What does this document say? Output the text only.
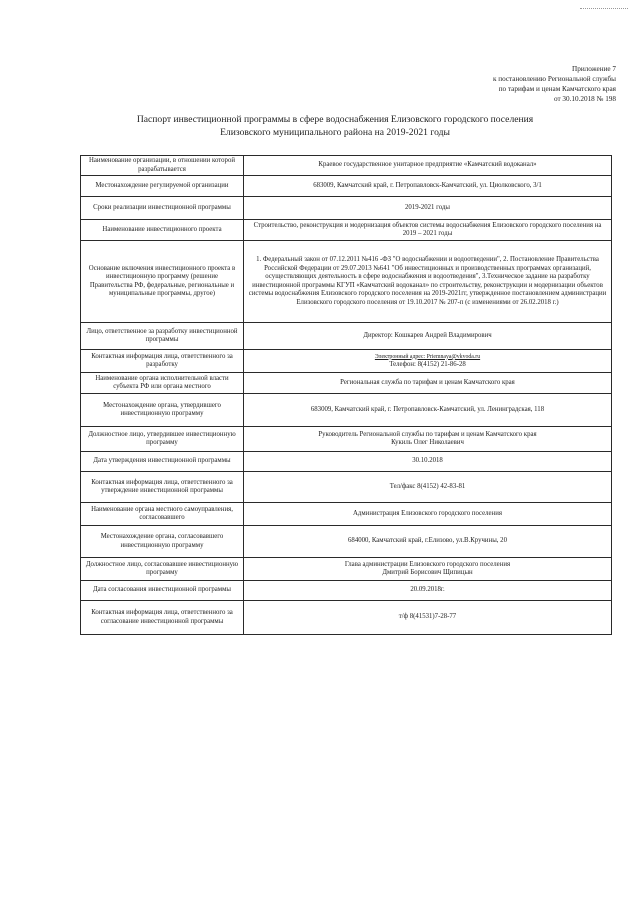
Приложение 7
к постановлению Региональной службы
по тарифам и ценам Камчатского края
от 30.10.2018 № 198
Паспорт инвестиционной программы в сфере водоснабжения Елизовского городского поселения
Елизовского муниципального района на 2019-2021 годы
Наименование организации, в отношении которой разрабатывается	Краевое государственное унитарное предприятие «Камчатский водоканал»
Местонахождение регулируемой организации	683009, Камчатский край, г. Петропавловск-Камчатский, ул. Циолковского, 3/1
Сроки реализации инвестиционной программы	2019-2021 годы
Наименование инвестиционного проекта	Строительство, реконструкция и модернизация объектов системы водоснабжения Елизовского городского поселения на 2019 – 2021 годы
Основание включения инвестиционного проекта в инвестиционную программу (решение Правительства РФ, федеральные, региональные и муниципальные программы, другое)	1. Федеральный закон от 07.12.2011 №416 -ФЗ "О водоснабжении и водоотведении", 2. Постановление Правительства Российской Федерации от 29.07.2013 №641 "Об инвестиционных и производственных программах организаций, осуществляющих деятельность в сфере водоснабжения и водоотведения", 3.Техническое задание на разработку инвестиционной программы КГУП «Камчатский водоканал» по строительству, реконструкции и модернизации объектов системы водоснабжения Елизовского городского поселения на 2019-2021гг, утвержденное постановлением администрации Елизовского городского поселения от 19.10.2017 № 207-п (с изменениями от 26.02.2018 г.)
Лицо, ответственное за разработку инвестиционной программы	Директор: Кошкарев Андрей Владимирович
Контактная информация лица, ответственного за разработку	Электронный адрес: Priemnaya@vkvoda.ru
Телефон: 8(4152) 21-86-28

Наименование органа исполнительной власти субъекта РФ или органа местного	Региональная служба по тарифам и ценам Камчатского края
Местонахождение органа, утвердившего инвестиционную программу	683009, Камчатский край, г. Петропавловск-Камчатский, ул. Ленинградская, 118
Должностное лицо, утвердившее инвестиционную программу	Руководитель Региональной службы по тарифам и ценам Камчатского края
Кукиль Олег Николаевич

Дата утверждения инвестиционной программы	30.10.2018
Контактная информация лица, ответственного за утверждение инвестиционной программы	Тел/факс 8(4152) 42-83-81
Наименование органа местного самоуправления, согласовавшего	Администрация Елизовского городского поселения
Местонахождение органа, согласовавшего инвестиционную программу	684000, Камчатский край, г.Елизово, ул.В.Кручины, 20
Должностное лицо, согласовавшее инвестиционную программу	Глава администрации Елизовского городского поселения
Дмитрий Борисович Щипицын

Дата согласования инвестиционной программы	20.09.2018г.
Контактная информация лица, ответственного за согласование инвестиционной программы	т/ф 8(41531)7-28-77
